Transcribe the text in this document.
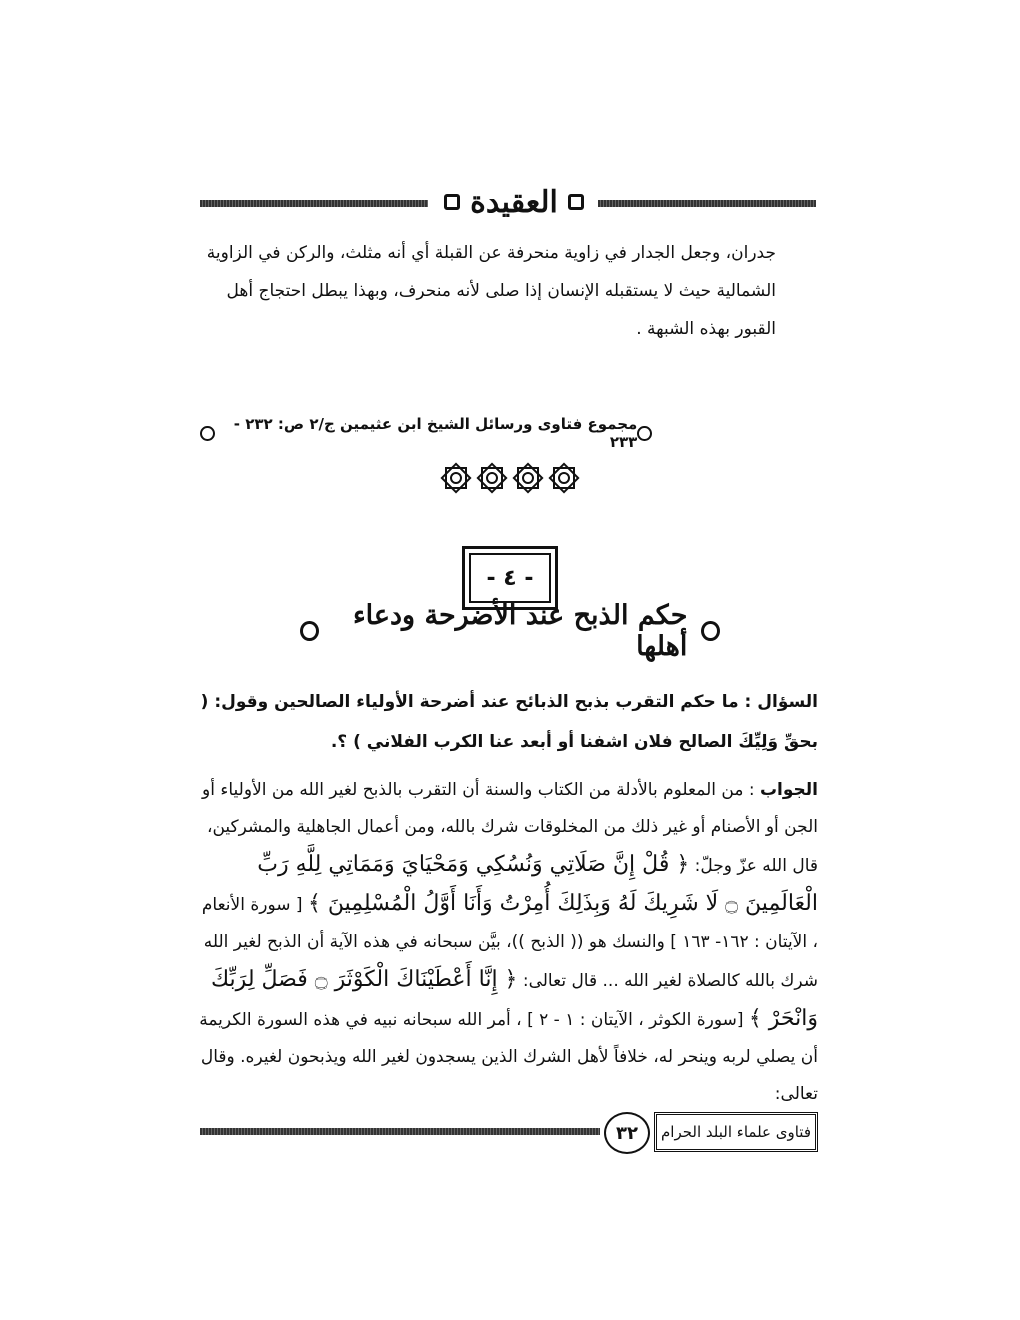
العقيدة
جدران، وجعل الجدار في زاوية منحرفة عن القبلة أي أنه مثلث، والركن في الزاوية الشمالية حيث لا يستقبله الإنسان إذا صلى لأنه منحرف، وبهذا يبطل احتجاج أهل القبور بهذه الشبهة .
مجموع فتاوى ورسائل الشيخ ابن عثيمين ج/٢ ص: ٢٣٢ - ٢٣٣
- ٤ -
حكم الذبح عند الأضرحة ودعاء أهلها
السؤال : ما حكم التقرب بذبح الذبائح عند أضرحة الأولياء الصالحين وقول: ( بحقِّ وَلِيِّكَ الصالح فلان اشفنا أو أبعد عنا الكرب الفلاني ) ؟.
الجواب : من المعلوم بالأدلة من الكتاب والسنة أن التقرب بالذبح لغير الله من الأولياء أو الجن أو الأصنام أو غير ذلك من المخلوقات شرك بالله، ومن أعمال الجاهلية والمشركين، قال الله عزّ وجلّ: ﴿ قُلْ إِنَّ صَلَاتِي وَنُسُكِي وَمَحْيَايَ وَمَمَاتِي لِلَّهِ رَبِّ الْعَالَمِينَ ۝ لَا شَرِيكَ لَهُ وَبِذَلِكَ أُمِرْتُ وَأَنَا أَوَّلُ الْمُسْلِمِينَ ﴾ [ سورة الأنعام ، الآيتان : ١٦٢- ١٦٣ ] والنسك هو (( الذبح ))، بيَّن سبحانه في هذه الآية أن الذبح لغير الله شرك بالله كالصلاة لغير الله ... قال تعالى: ﴿ إِنَّا أَعْطَيْنَاكَ الْكَوْثَرَ ۝ فَصَلِّ لِرَبِّكَ وَانْحَرْ ﴾ [سورة الكوثر ، الآيتان : ١ - ٢ ] ، أمر الله سبحانه نبيه في هذه السورة الكريمة أن يصلي لربه وينحر له، خلافاً لأهل الشرك الذين يسجدون لغير الله ويذبحون لغيره. وقال تعالى:
٣٢	فتاوى علماء البلد الحرام
